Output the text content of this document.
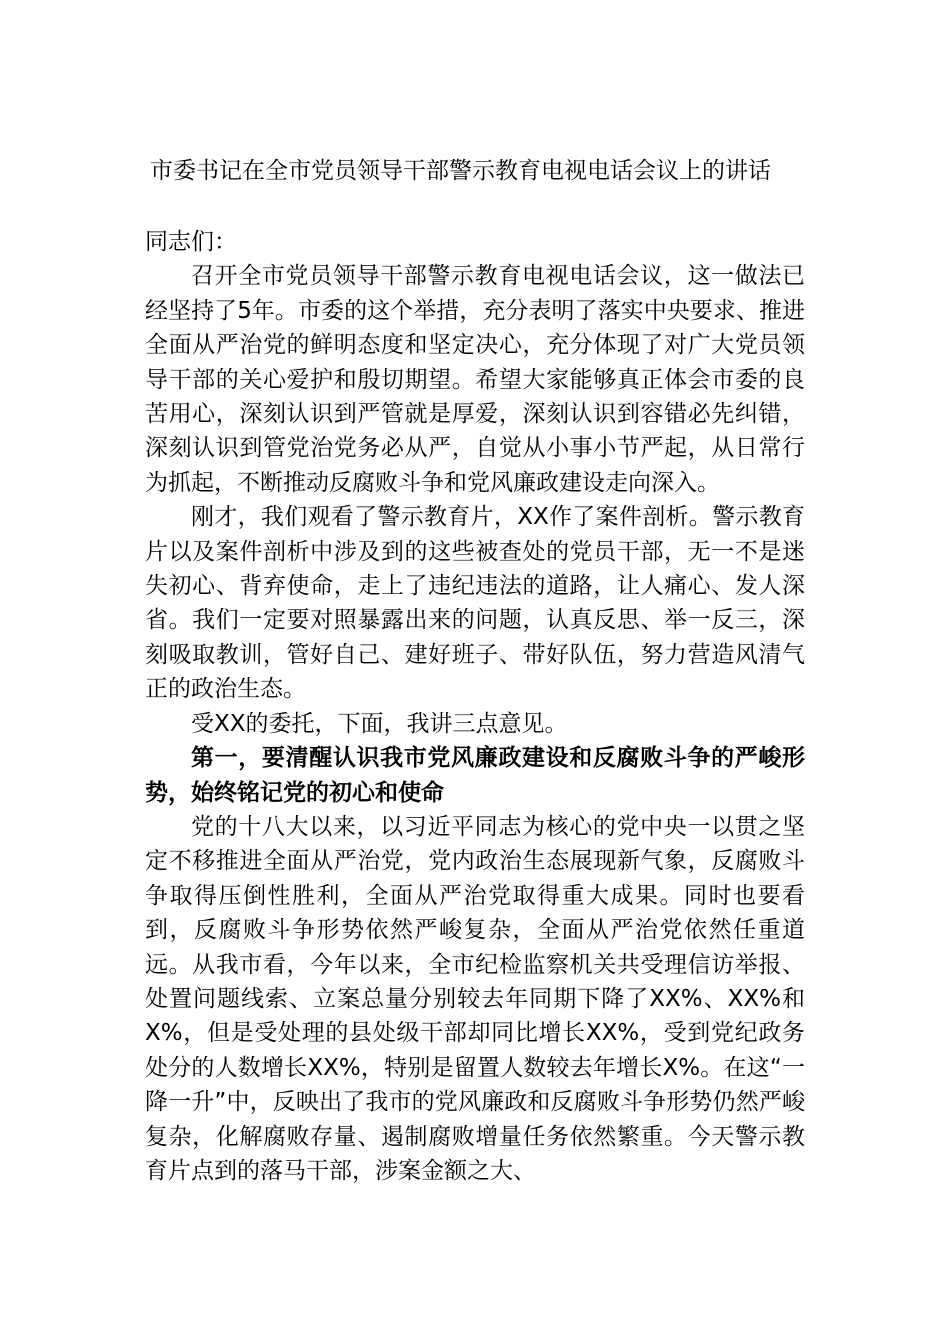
市委书记在全市党员领导干部警示教育电视电话会议上的讲话

同志们：

召开全市党员领导干部警示教育电视电话会议，这一做法已经坚持了5年。市委的这个举措，充分表明了落实中央要求、推进全面从严治党的鲜明态度和坚定决心，充分体现了对广大党员领导干部的关心爱护和殷切期望。希望大家能够真正体会市委的良苦用心，深刻认识到严管就是厚爱，深刻认识到容错必先纠错，深刻认识到管党治党务必从严，自觉从小事小节严起，从日常行为抓起，不断推动反腐败斗争和党风廉政建设走向深入。

刚才，我们观看了警示教育片，XX作了案件剖析。警示教育片以及案件剖析中涉及到的这些被查处的党员干部，无一不是迷失初心、背弃使命，走上了违纪违法的道路，让人痛心、发人深省。我们一定要对照暴露出来的问题，认真反思、举一反三，深刻吸取教训，管好自己、建好班子、带好队伍，努力营造风清气正的政治生态。

受XX的委托，下面，我讲三点意见。

第一，要清醒认识我市党风廉政建设和反腐败斗争的严峻形势，始终铭记党的初心和使命

党的十八大以来，以习近平同志为核心的党中央一以贯之坚定不移推进全面从严治党，党内政治生态展现新气象，反腐败斗争取得压倒性胜利，全面从严治党取得重大成果。同时也要看到，反腐败斗争形势依然严峻复杂，全面从严治党依然任重道远。从我市看，今年以来，全市纪检监察机关共受理信访举报、处置问题线索、立案总量分别较去年同期下降了XX%、XX%和X%，但是受处理的县处级干部却同比增长XX%，受到党纪政务处分的人数增长XX%，特别是留置人数较去年增长X%。在这“一降一升”中，反映出了我市的党风廉政和反腐败斗争形势仍然严峻复杂，化解腐败存量、遏制腐败增量任务依然繁重。今天警示教育片点到的落马干部，涉案金额之大、
